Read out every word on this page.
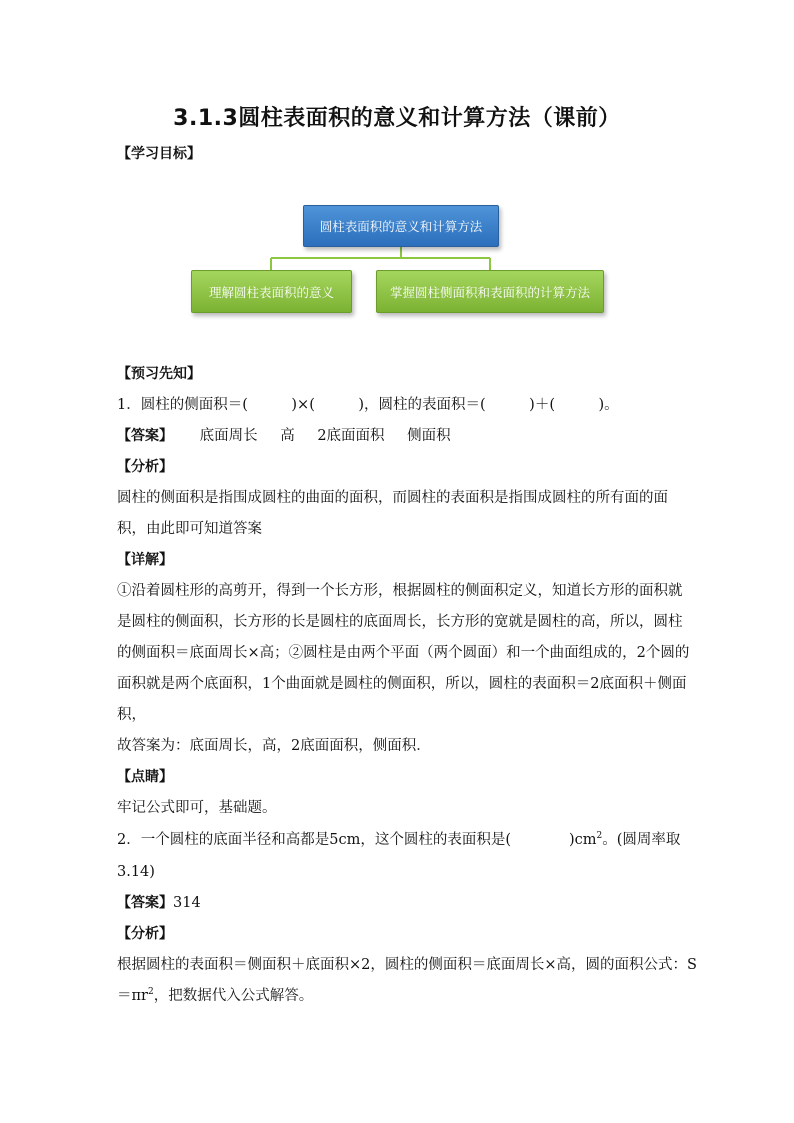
3.1.3圆柱表面积的意义和计算方法（课前）
【学习目标】
圆柱表面积的意义和计算方法
理解圆柱表面积的意义	掌握圆柱侧面积和表面积的计算方法
【预习先知】
1．圆柱的侧面积＝(　　　)×(　　　)，圆柱的表面积＝(　　　)＋(　　　)。
【答案】 底面周长 高 2底面面积 侧面积
【分析】
圆柱的侧面积是指围成圆柱的曲面的面积，而圆柱的表面积是指围成圆柱的所有面的面
积，由此即可知道答案
【详解】
①沿着圆柱形的高剪开，得到一个长方形，根据圆柱的侧面积定义，知道长方形的面积就
是圆柱的侧面积，长方形的长是圆柱的底面周长，长方形的宽就是圆柱的高，所以，圆柱
的侧面积＝底面周长×高；②圆柱是由两个平面（两个圆面）和一个曲面组成的，2个圆的
面积就是两个底面积，1个曲面就是圆柱的侧面积，所以，圆柱的表面积＝2底面积＋侧面
积，
故答案为：底面周长，高，2底面面积，侧面积．
【点睛】
牢记公式即可，基础题。
2．一个圆柱的底面半径和高都是5cm，这个圆柱的表面积是(　　　　)$cm^2$。(圆周率取
3.14)
【答案】314
【分析】
根据圆柱的表面积＝侧面积＋底面积×2，圆柱的侧面积＝底面周长×高，圆的面积公式：S
$=\pi r^2$，把数据代入公式解答。
